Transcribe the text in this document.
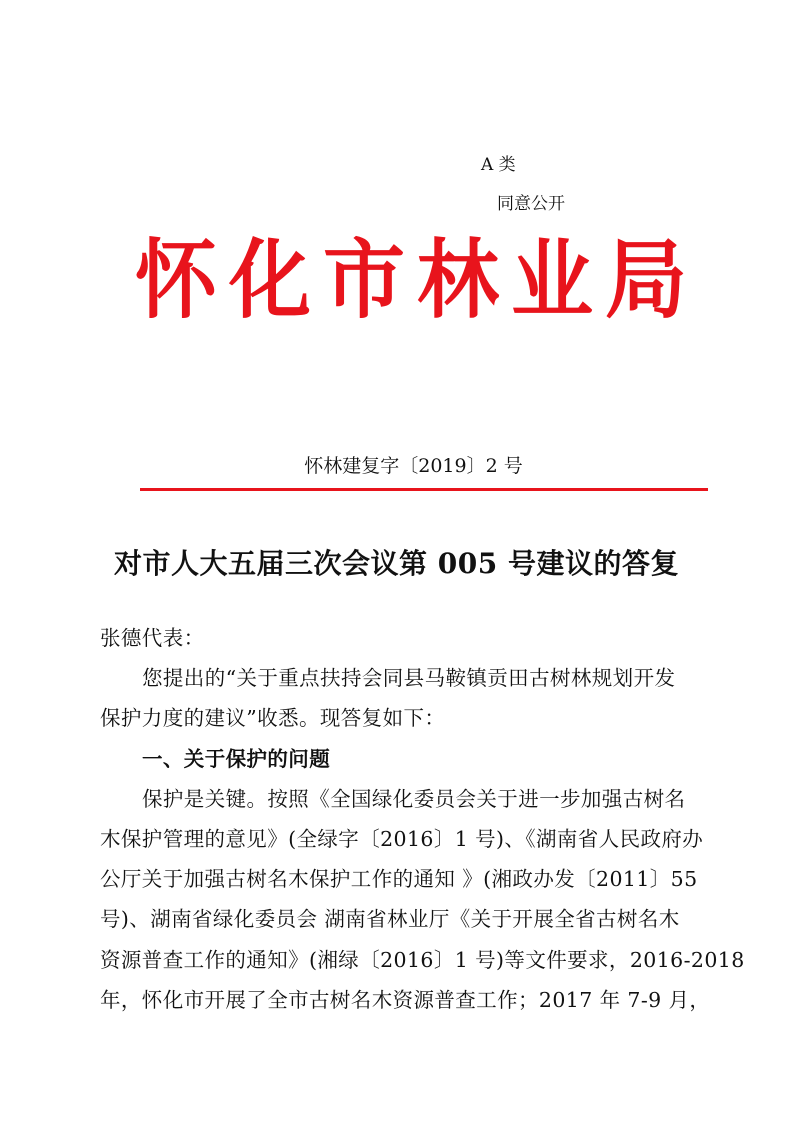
A 类
同意公开
怀化市林业局
怀林建复字〔2019〕2 号
对市人大五届三次会议第 005 号建议的答复

张德代表：

您提出的“关于重点扶持会同县马鞍镇贡田古树林规划开发

保护力度的建议”收悉。现答复如下：

一、关于保护的问题

保护是关键。按照《全国绿化委员会关于进一步加强古树名

木保护管理的意见》(全绿字〔2016〕1 号)、《湖南省人民政府办

公厅关于加强古树名木保护工作的通知 》(湘政办发〔2011〕55

号)、湖南省绿化委员会 湖南省林业厅《关于开展全省古树名木

资源普查工作的通知》(湘绿〔2016〕1 号)等文件要求，2016-2018

年，怀化市开展了全市古树名木资源普查工作；2017 年 7-9 月，
